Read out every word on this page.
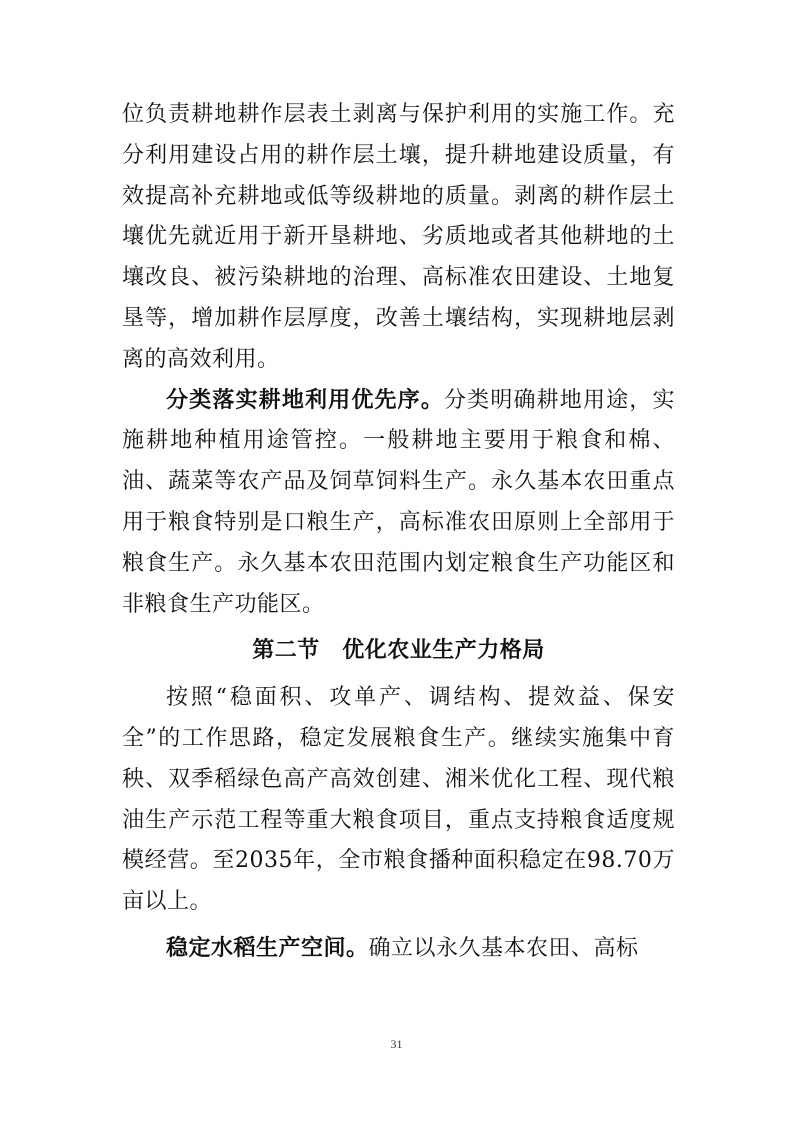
位负责耕地耕作层表土剥离与保护利用的实施工作。充分利用建设占用的耕作层土壤，提升耕地建设质量，有效提高补充耕地或低等级耕地的质量。剥离的耕作层土壤优先就近用于新开垦耕地、劣质地或者其他耕地的土壤改良、被污染耕地的治理、高标准农田建设、土地复垦等，增加耕作层厚度，改善土壤结构，实现耕地层剥离的高效利用。

分类落实耕地利用优先序。分类明确耕地用途，实施耕地种植用途管控。一般耕地主要用于粮食和棉、油、蔬菜等农产品及饲草饲料生产。永久基本农田重点用于粮食特别是口粮生产，高标准农田原则上全部用于粮食生产。永久基本农田范围内划定粮食生产功能区和非粮食生产功能区。

第二节　优化农业生产力格局

按照“稳面积、攻单产、调结构、提效益、保安全”的工作思路，稳定发展粮食生产。继续实施集中育秧、双季稻绿色高产高效创建、湘米优化工程、现代粮油生产示范工程等重大粮食项目，重点支持粮食适度规模经营。至2035年，全市粮食播种面积稳定在98.70万亩以上。

稳定水稻生产空间。确立以永久基本农田、高标

31
